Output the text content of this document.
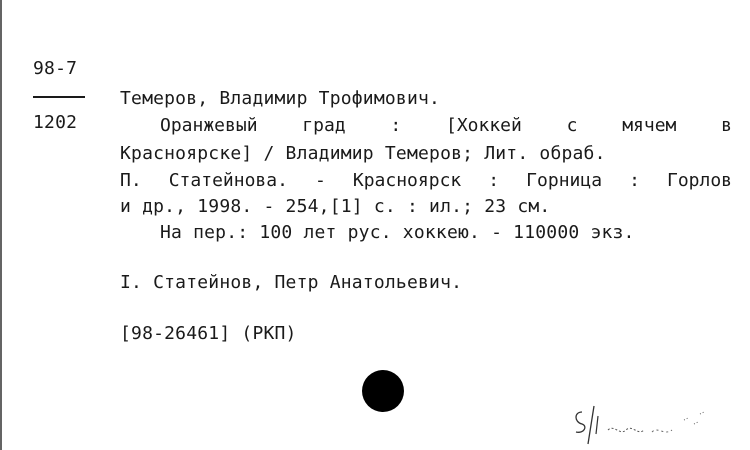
98-7
1202
Темеров, Владимир Трофимович.
Оранжевый град : [Хоккей с мячем в
Красноярске] / Владимир Темеров; Лит. обраб.
П. Статейнова. - Красноярск : Горница : Горлов
и др., 1998. - 254,[1] с. : ил.; 23 см.
На пер.: 100 лет рус. хоккею. - 110000 экз.
I. Статейнов, Петр Анатольевич.
[98-26461] (РКП)
